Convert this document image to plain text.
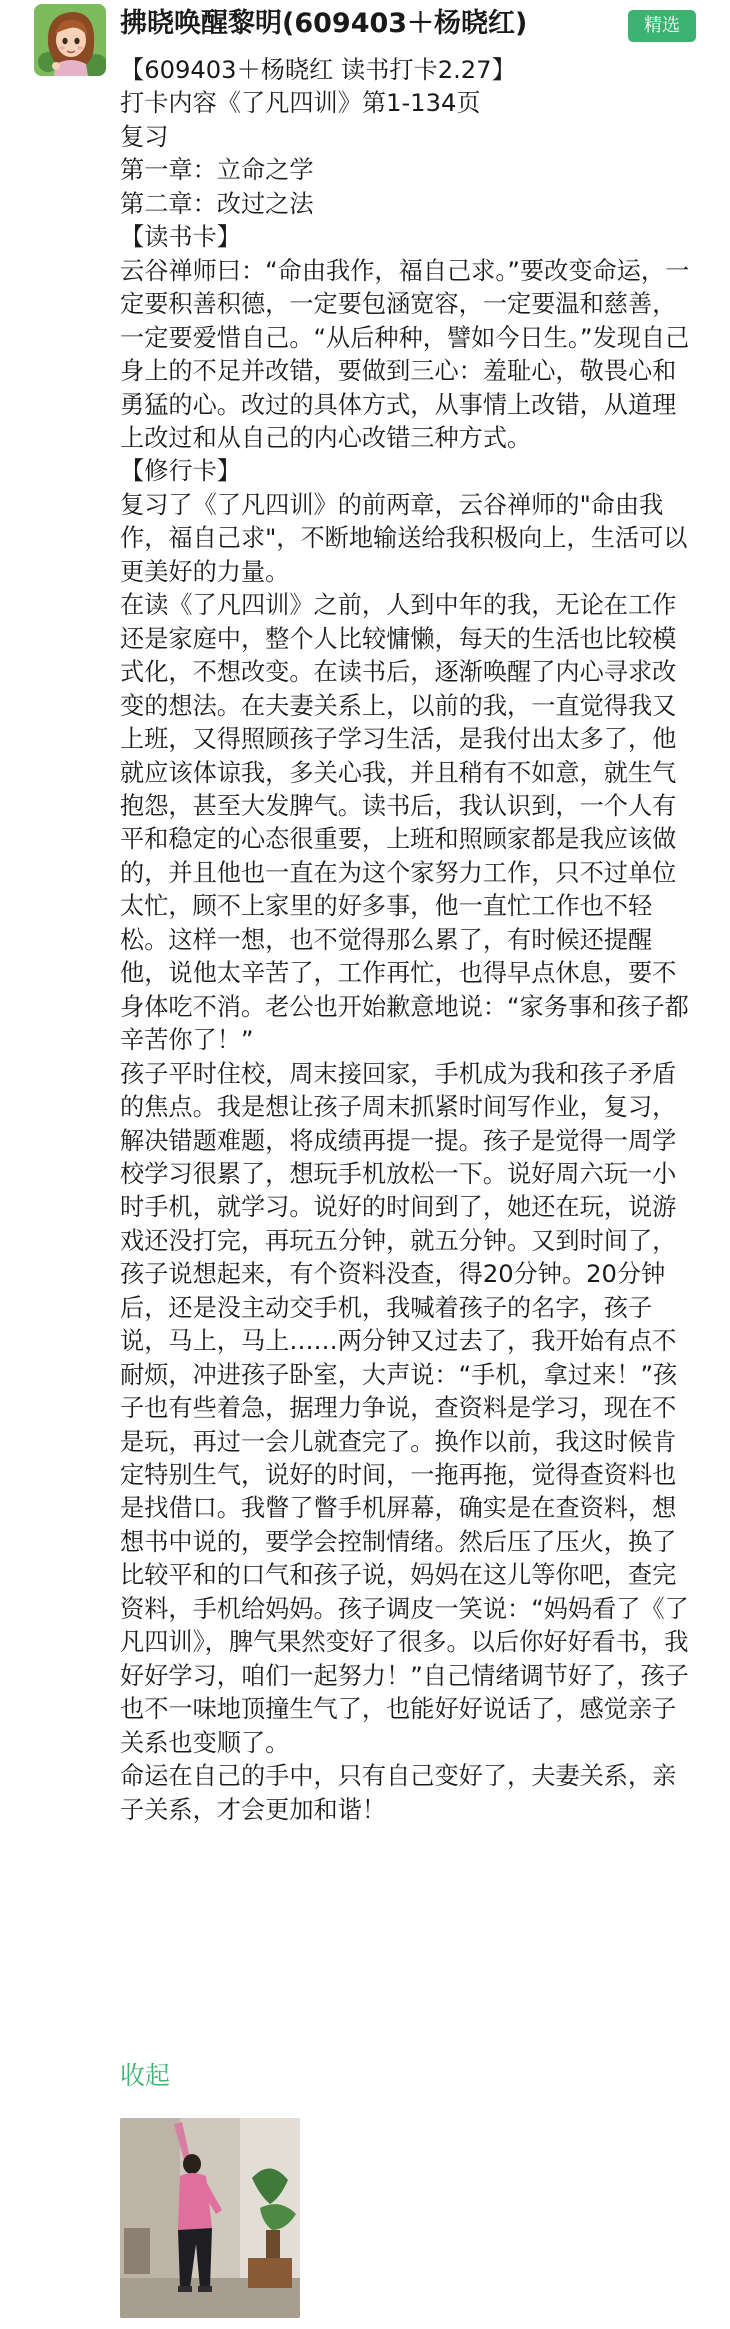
拂晓唤醒黎明(609403＋杨晓红)	精选

【609403＋杨晓红 读书打卡2.27】

打卡内容《了凡四训》第1-134页

复习

第一章：立命之学

第二章：改过之法

【读书卡】

云谷禅师曰：“命由我作，福自己求。”要改变命运，一定要积善积德，一定要包涵宽容，一定要温和慈善，一定要爱惜自己。“从后种种，譬如今日生。”发现自己身上的不足并改错，要做到三心：羞耻心，敬畏心和勇猛的心。改过的具体方式，从事情上改错，从道理上改过和从自己的内心改错三种方式。

【修行卡】

复习了《了凡四训》的前两章，云谷禅师的"命由我作，福自己求"，不断地输送给我积极向上，生活可以更美好的力量。

在读《了凡四训》之前，人到中年的我，无论在工作还是家庭中，整个人比较慵懒，每天的生活也比较模式化，不想改变。在读书后，逐渐唤醒了内心寻求改变的想法。在夫妻关系上，以前的我，一直觉得我又上班，又得照顾孩子学习生活，是我付出太多了，他就应该体谅我，多关心我，并且稍有不如意，就生气抱怨，甚至大发脾气。读书后，我认识到，一个人有平和稳定的心态很重要，上班和照顾家都是我应该做的，并且他也一直在为这个家努力工作，只不过单位太忙，顾不上家里的好多事，他一直忙工作也不轻松。这样一想，也不觉得那么累了，有时候还提醒他，说他太辛苦了，工作再忙，也得早点休息，要不身体吃不消。老公也开始歉意地说：“家务事和孩子都辛苦你了！”

孩子平时住校，周末接回家，手机成为我和孩子矛盾的焦点。我是想让孩子周末抓紧时间写作业，复习，解决错题难题，将成绩再提一提。孩子是觉得一周学校学习很累了，想玩手机放松一下。说好周六玩一小时手机，就学习。说好的时间到了，她还在玩，说游戏还没打完，再玩五分钟，就五分钟。又到时间了，孩子说想起来，有个资料没查，得20分钟。20分钟后，还是没主动交手机，我喊着孩子的名字，孩子说，马上，马上……两分钟又过去了，我开始有点不耐烦，冲进孩子卧室，大声说：“手机，拿过来！”孩子也有些着急，据理力争说，查资料是学习，现在不是玩，再过一会儿就查完了。换作以前，我这时候肯定特别生气，说好的时间，一拖再拖，觉得查资料也是找借口。我瞥了瞥手机屏幕，确实是在查资料，想想书中说的，要学会控制情绪。然后压了压火，换了比较平和的口气和孩子说，妈妈在这儿等你吧，查完资料，手机给妈妈。孩子调皮一笑说：“妈妈看了《了凡四训》，脾气果然变好了很多。以后你好好看书，我好好学习，咱们一起努力！”自己情绪调节好了，孩子也不一味地顶撞生气了，也能好好说话了，感觉亲子关系也变顺了。

命运在自己的手中，只有自己变好了，夫妻关系，亲子关系，才会更加和谐！

收起
